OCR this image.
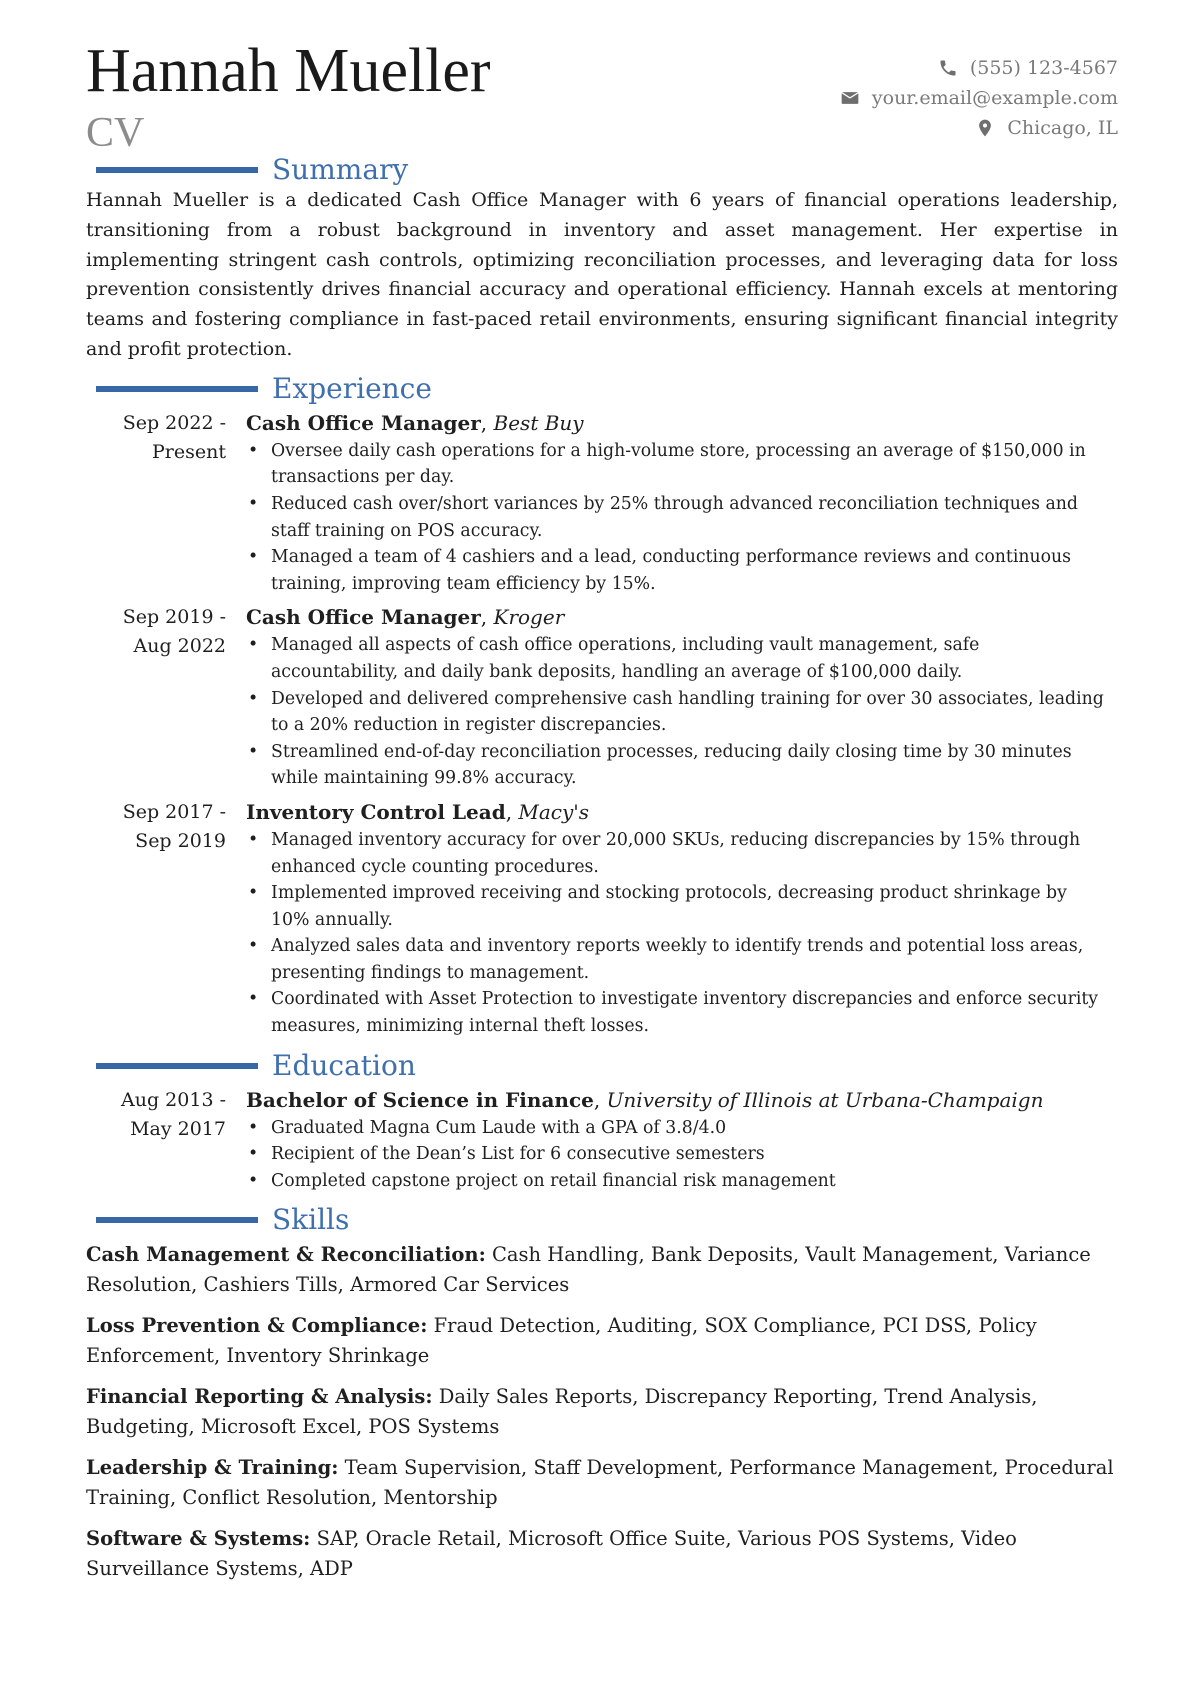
Hannah Mueller
CV
(555) 123-4567
your.email@example.com
Chicago, IL
Summary

Hannah Mueller is a dedicated Cash Office Manager with 6 years of financial operations leadership, transitioning from a robust background in inventory and asset management. Her expertise in implementing stringent cash controls, optimizing reconciliation processes, and leveraging data for loss prevention consistently drives financial accuracy and operational efficiency. Hannah excels at mentoring teams and fostering compliance in fast-paced retail environments, ensuring significant financial integrity and profit protection.

Experience
Sep 2022 - Present
Cash Office Manager, Best Buy
• Oversee daily cash operations for a high-volume store, processing an average of $150,000 in transactions per day.
• Reduced cash over/short variances by 25% through advanced reconciliation techniques and staff training on POS accuracy.
• Managed a team of 4 cashiers and a lead, conducting performance reviews and continuous training, improving team efficiency by 15%.
Sep 2019 - Aug 2022
Cash Office Manager, Kroger
• Managed all aspects of cash office operations, including vault management, safe accountability, and daily bank deposits, handling an average of $100,000 daily.
• Developed and delivered comprehensive cash handling training for over 30 associates, leading to a 20% reduction in register discrepancies.
• Streamlined end-of-day reconciliation processes, reducing daily closing time by 30 minutes while maintaining 99.8% accuracy.
Sep 2017 - Sep 2019
Inventory Control Lead, Macy's
• Managed inventory accuracy for over 20,000 SKUs, reducing discrepancies by 15% through enhanced cycle counting procedures.
• Implemented improved receiving and stocking protocols, decreasing product shrinkage by 10% annually.
• Analyzed sales data and inventory reports weekly to identify trends and potential loss areas, presenting findings to management.
• Coordinated with Asset Protection to investigate inventory discrepancies and enforce security measures, minimizing internal theft losses.
Education
Aug 2013 - May 2017
Bachelor of Science in Finance, University of Illinois at Urbana-Champaign
• Graduated Magna Cum Laude with a GPA of 3.8/4.0
• Recipient of the Dean’s List for 6 consecutive semesters
• Completed capstone project on retail financial risk management
Skills

Cash Management & Reconciliation: Cash Handling, Bank Deposits, Vault Management, Variance Resolution, Cashiers Tills, Armored Car Services

Loss Prevention & Compliance: Fraud Detection, Auditing, SOX Compliance, PCI DSS, Policy Enforcement, Inventory Shrinkage

Financial Reporting & Analysis: Daily Sales Reports, Discrepancy Reporting, Trend Analysis, Budgeting, Microsoft Excel, POS Systems

Leadership & Training: Team Supervision, Staff Development, Performance Management, Procedural Training, Conflict Resolution, Mentorship

Software & Systems: SAP, Oracle Retail, Microsoft Office Suite, Various POS Systems, Video Surveillance Systems, ADP
